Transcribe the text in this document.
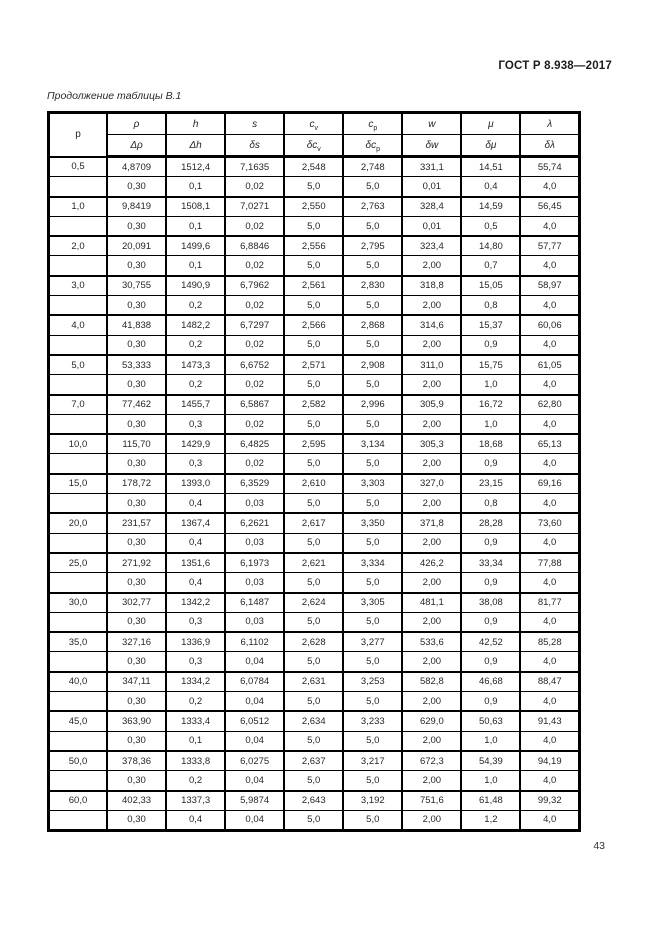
ГОСТ Р 8.938—2017
Продолжение таблицы В.1
p	ρ	h	s	$c_v$	$c_p$	w	μ	λ
	Δρ	Δh	δs	$\delta c_v$	$\delta c_p$	δw	δμ	δλ
0,5	4,8709	1512,4	7,1635	2,548	2,748	331,1	14,51	55,74
	0,30	0,1	0,02	5,0	5,0	0,01	0,4	4,0
1,0	9,8419	1508,1	7,0271	2,550	2,763	328,4	14,59	56,45
	0,30	0,1	0,02	5,0	5,0	0,01	0,5	4,0
2,0	20,091	1499,6	6,8846	2,556	2,795	323,4	14,80	57,77
	0,30	0,1	0,02	5,0	5,0	2,00	0,7	4,0
3,0	30,755	1490,9	6,7962	2,561	2,830	318,8	15,05	58,97
	0,30	0,2	0,02	5,0	5,0	2,00	0,8	4,0
4,0	41,838	1482,2	6,7297	2,566	2,868	314,6	15,37	60,06
	0,30	0,2	0,02	5,0	5,0	2,00	0,9	4,0
5,0	53,333	1473,3	6,6752	2,571	2,908	311,0	15,75	61,05
	0,30	0,2	0,02	5,0	5,0	2,00	1,0	4,0
7,0	77,462	1455,7	6,5867	2,582	2,996	305,9	16,72	62,80
	0,30	0,3	0,02	5,0	5,0	2,00	1,0	4,0
10,0	115,70	1429,9	6,4825	2,595	3,134	305,3	18,68	65,13
	0,30	0,3	0,02	5,0	5,0	2,00	0,9	4,0
15,0	178,72	1393,0	6,3529	2,610	3,303	327,0	23,15	69,16
	0,30	0,4	0,03	5,0	5,0	2,00	0,8	4,0
20,0	231,57	1367,4	6,2621	2,617	3,350	371,8	28,28	73,60
	0,30	0,4	0,03	5,0	5,0	2,00	0,9	4,0
25,0	271,92	1351,6	6,1973	2,621	3,334	426,2	33,34	77,88
	0,30	0,4	0,03	5,0	5,0	2,00	0,9	4,0
30,0	302,77	1342,2	6,1487	2,624	3,305	481,1	38,08	81,77
	0,30	0,3	0,03	5,0	5,0	2,00	0,9	4,0
35,0	327,16	1336,9	6,1102	2,628	3,277	533,6	42,52	85,28
	0,30	0,3	0,04	5,0	5,0	2,00	0,9	4,0
40,0	347,11	1334,2	6,0784	2,631	3,253	582,8	46,68	88,47
	0,30	0,2	0,04	5,0	5,0	2,00	0,9	4,0
45,0	363,90	1333,4	6,0512	2,634	3,233	629,0	50,63	91,43
	0,30	0,1	0,04	5,0	5,0	2,00	1,0	4,0
50,0	378,36	1333,8	6,0275	2,637	3,217	672,3	54,39	94,19
	0,30	0,2	0,04	5,0	5,0	2,00	1,0	4,0
60,0	402,33	1337,3	5,9874	2,643	3,192	751,6	61,48	99,32
	0,30	0,4	0,04	5,0	5,0	2,00	1,2	4,0
43
